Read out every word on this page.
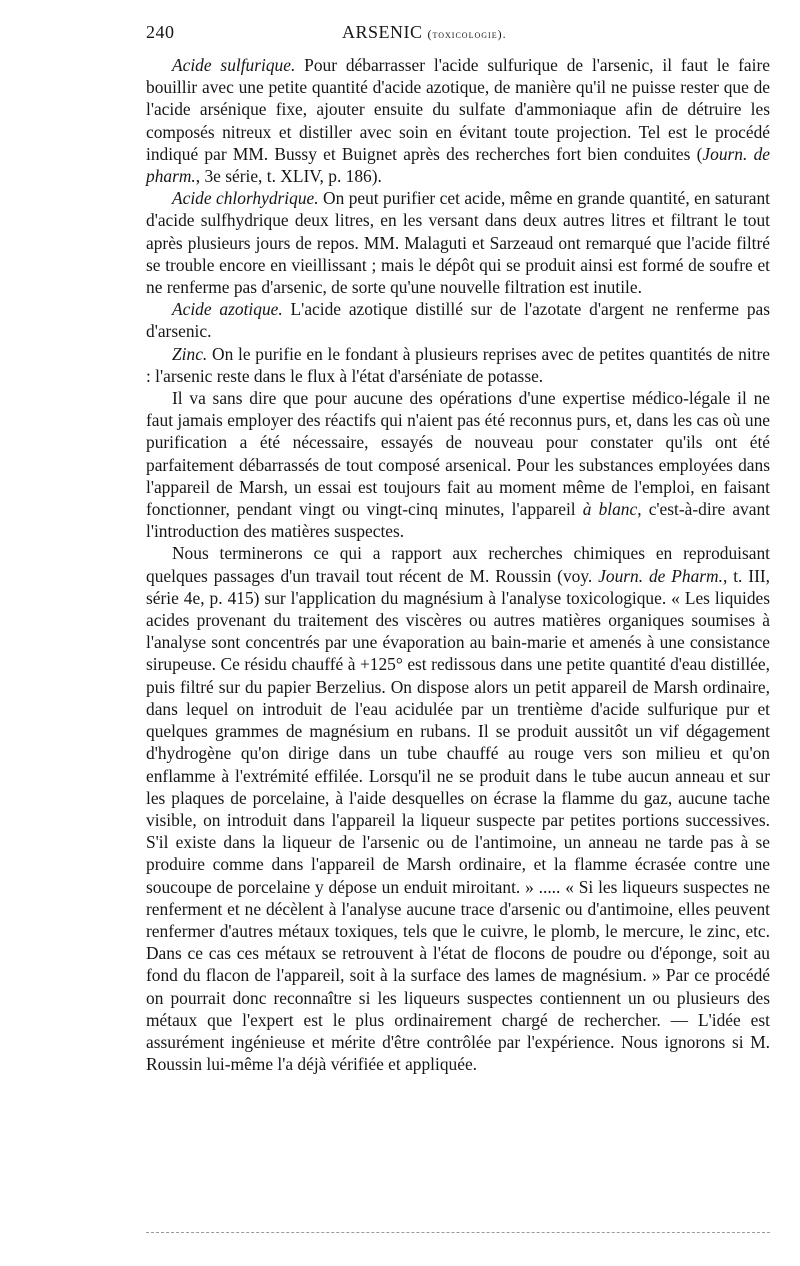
240	ARSENIC (toxicologie).

Acide sulfurique. Pour débarrasser l'acide sulfurique de l'arsenic, il faut le faire bouillir avec une petite quantité d'acide azotique, de manière qu'il ne puisse rester que de l'acide arsénique fixe, ajouter ensuite du sulfate d'ammoniaque afin de détruire les composés nitreux et distiller avec soin en évitant toute projection. Tel est le procédé indiqué par MM. Bussy et Buignet après des recherches fort bien conduites (Journ. de pharm., 3e série, t. XLIV, p. 186).

Acide chlorhydrique. On peut purifier cet acide, même en grande quantité, en saturant d'acide sulfhydrique deux litres, en les versant dans deux autres litres et filtrant le tout après plusieurs jours de repos. MM. Malaguti et Sarzeaud ont remarqué que l'acide filtré se trouble encore en vieillissant ; mais le dépôt qui se produit ainsi est formé de soufre et ne renferme pas d'arsenic, de sorte qu'une nouvelle filtration est inutile.

Acide azotique. L'acide azotique distillé sur de l'azotate d'argent ne renferme pas d'arsenic.

Zinc. On le purifie en le fondant à plusieurs reprises avec de petites quantités de nitre : l'arsenic reste dans le flux à l'état d'arséniate de potasse.

Il va sans dire que pour aucune des opérations d'une expertise médico-légale il ne faut jamais employer des réactifs qui n'aient pas été reconnus purs, et, dans les cas où une purification a été nécessaire, essayés de nouveau pour constater qu'ils ont été parfaitement débarrassés de tout composé arsenical. Pour les substances employées dans l'appareil de Marsh, un essai est toujours fait au moment même de l'emploi, en faisant fonctionner, pendant vingt ou vingt-cinq minutes, l'appareil à blanc, c'est-à-dire avant l'introduction des matières suspectes.

Nous terminerons ce qui a rapport aux recherches chimiques en reproduisant quelques passages d'un travail tout récent de M. Roussin (voy. Journ. de Pharm., t. III, série 4e, p. 415) sur l'application du magnésium à l'analyse toxicologique. « Les liquides acides provenant du traitement des viscères ou autres matières organiques soumises à l'analyse sont concentrés par une évaporation au bain-marie et amenés à une consistance sirupeuse. Ce résidu chauffé à +125° est redissous dans une petite quantité d'eau distillée, puis filtré sur du papier Berzelius. On dispose alors un petit appareil de Marsh ordinaire, dans lequel on introduit de l'eau acidulée par un trentième d'acide sulfurique pur et quelques grammes de magnésium en rubans. Il se produit aussitôt un vif dégagement d'hydrogène qu'on dirige dans un tube chauffé au rouge vers son milieu et qu'on enflamme à l'extrémité effilée. Lorsqu'il ne se produit dans le tube aucun anneau et sur les plaques de porcelaine, à l'aide desquelles on écrase la flamme du gaz, aucune tache visible, on introduit dans l'appareil la liqueur suspecte par petites portions successives. S'il existe dans la liqueur de l'arsenic ou de l'antimoine, un anneau ne tarde pas à se produire comme dans l'appareil de Marsh ordinaire, et la flamme écrasée contre une soucoupe de porcelaine y dépose un enduit miroitant. » ..... « Si les liqueurs suspectes ne renferment et ne décèlent à l'analyse aucune trace d'arsenic ou d'antimoine, elles peuvent renfermer d'autres métaux toxiques, tels que le cuivre, le plomb, le mercure, le zinc, etc. Dans ce cas ces métaux se retrouvent à l'état de flocons de poudre ou d'éponge, soit au fond du flacon de l'appareil, soit à la surface des lames de magnésium. » Par ce procédé on pourrait donc reconnaître si les liqueurs suspectes contiennent un ou plusieurs des métaux que l'expert est le plus ordinairement chargé de rechercher. — L'idée est assurément ingénieuse et mérite d'être contrôlée par l'expérience. Nous ignorons si M. Roussin lui-même l'a déjà vérifiée et appliquée.
